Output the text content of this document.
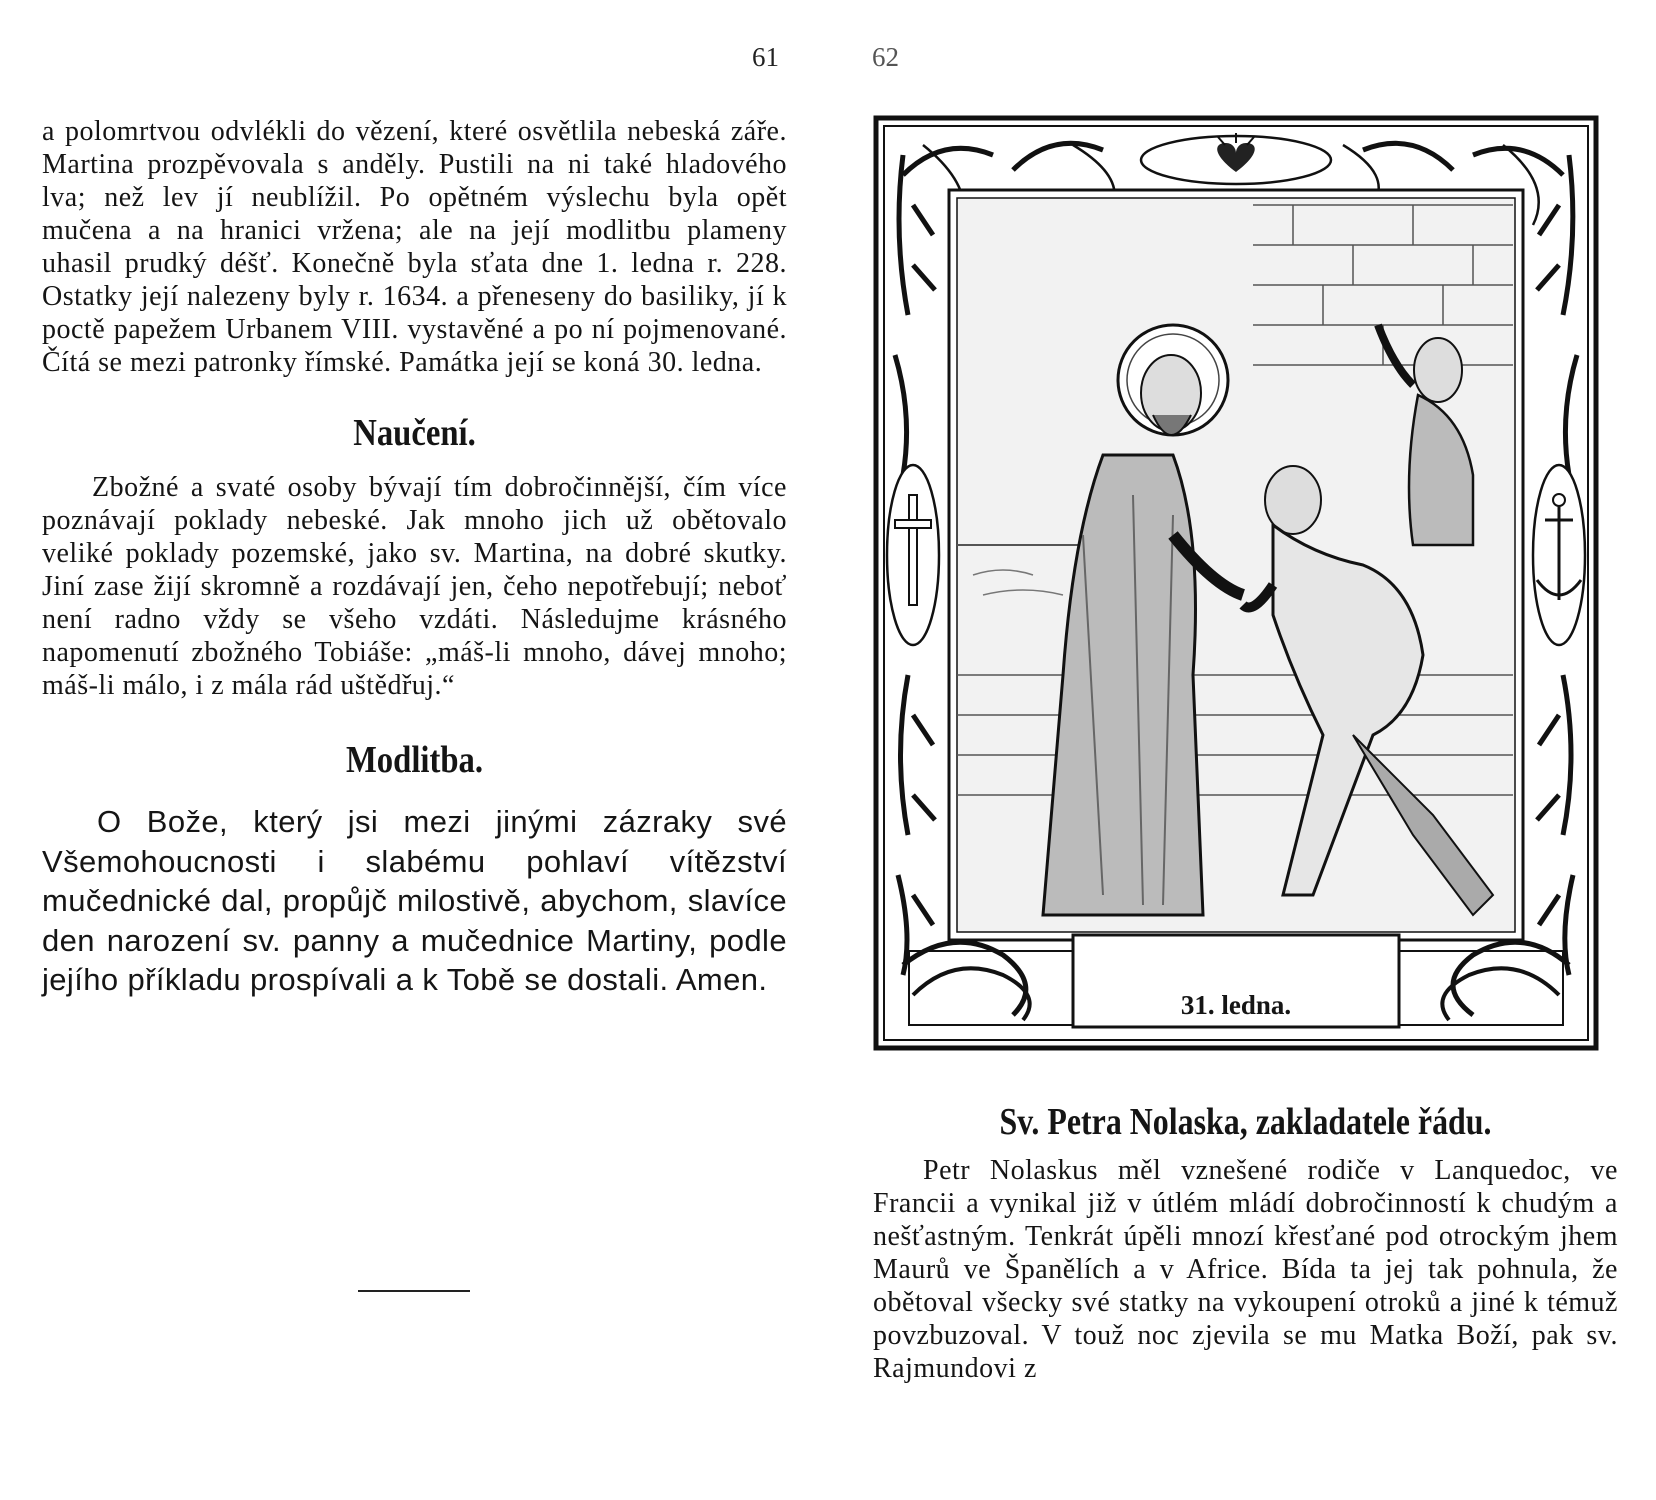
61	62

a polomrtvou odvlékli do vězení, které osvětlila nebeská záře. Martina prozpěvovala s anděly. Pustili na ni také hladového lva; než lev jí neublížil. Po opětném výslechu byla opět mučena a na hranici vržena; ale na její modlitbu plameny uhasil prudký déšť. Konečně byla sťata dne 1. ledna r. 228. Ostatky její nalezeny byly r. 1634. a přeneseny do basiliky, jí k poctě papežem Urbanem VIII. vystavěné a po ní pojmenované. Čítá se mezi patronky římské. Památka její se koná 30. ledna.

Naučení.

Zbožné a svaté osoby bývají tím dobročinnější, čím více poznávají poklady nebeské. Jak mnoho jich už obětovalo veliké poklady pozemské, jako sv. Martina, na dobré skutky. Jiní zase žijí skromně a rozdávají jen, čeho nepotřebují; neboť není radno vždy se všeho vzdáti. Následujme krásného napomenutí zbožného Tobiáše: „máš-li mnoho, dávej mnoho; máš-li málo, i z mála rád uštědřuj.“

Modlitba.

O Bože, který jsi mezi jinými zázraky své Všemohoucnosti i slabému pohlaví vítězství mučednické dal, propůjč milostivě, abychom, slavíce den narození sv. panny a mučednice Martiny, podle jejího příkladu prospívali a k Tobě se dostali. Amen.

31. ledna.
Sv. Petra Nolaska, zakladatele řádu.

Petr Nolaskus měl vznešené rodiče v Lanquedoc, ve Francii a vynikal již v útlém mládí dobročinností k chudým a nešťastným. Tenkrát úpěli mnozí křesťané pod otrockým jhem Maurů ve Španělích a v Africe. Bída ta jej tak pohnula, že obětoval všecky své statky na vykoupení otroků a jiné k témuž povzbuzoval. V touž noc zjevila se mu Matka Boží, pak sv. Rajmundovi z
